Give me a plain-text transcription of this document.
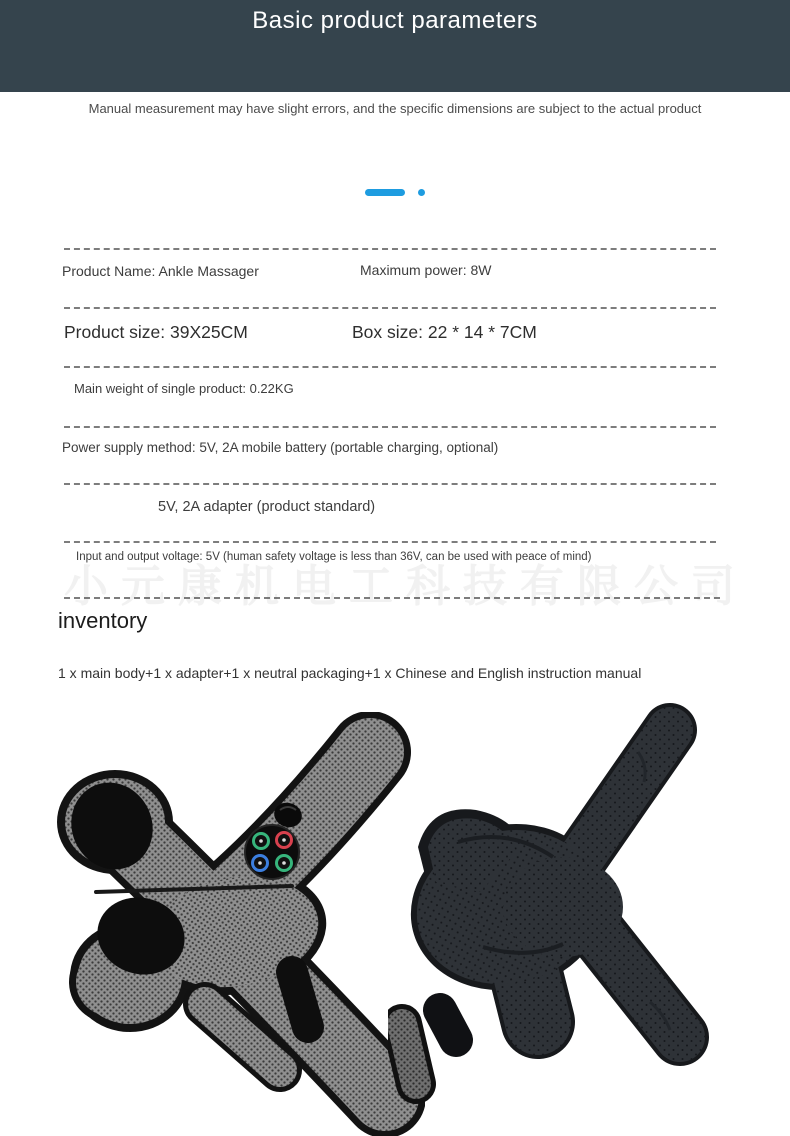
Basic product parameters

Manual measurement may have slight errors, and the specific dimensions are subject to the actual product

Product Name: Ankle Massager	Maximum power: 8W
Product size: 39X25CM	Box size: 22 * 14 * 7CM
Main weight of single product: 0.22KG
Power supply method: 5V, 2A mobile battery (portable charging, optional)
5V, 2A adapter (product standard)
Input and output voltage: 5V (human safety voltage is less than 36V, can be used with peace of mind)
小元康机电工科技有限公司
inventory

1 x main body+1 x adapter+1 x neutral packaging+1 x Chinese and English instruction manual
